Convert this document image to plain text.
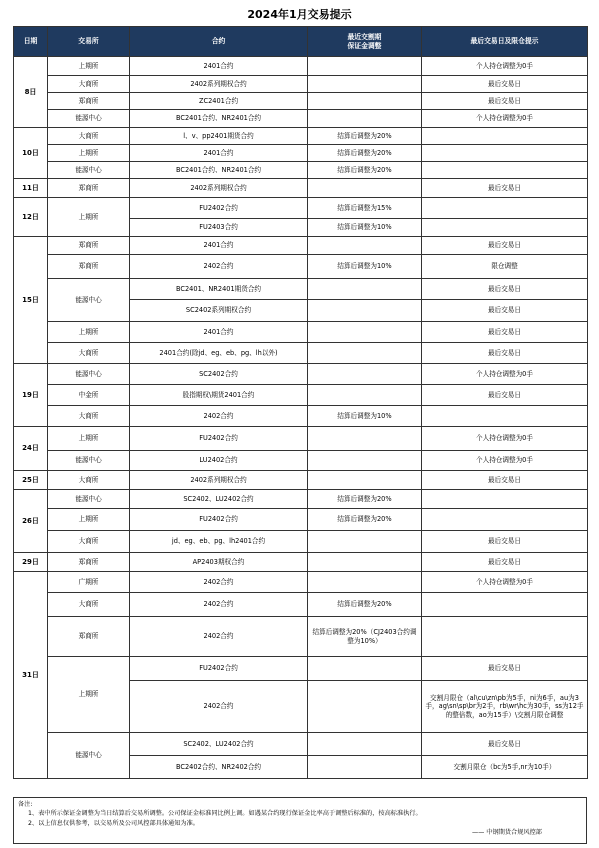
2024年1月交易提示
日期	交易所	合约	最近交割期
保证金调整	最后交易日及限仓提示
8日	上期所	2401合约		个人持仓调整为0手
	大商所	2402系列期权合约		最后交易日
	郑商所	ZC2401合约		最后交易日
	能源中心	BC2401合约、NR2401合约		个人持仓调整为0手
10日	大商所	l、v、pp2401期货合约	结算后调整为20%	
	上期所	2401合约	结算后调整为20%	
	能源中心	BC2401合约、NR2401合约	结算后调整为20%	
11日	郑商所	2402系列期权合约		最后交易日
12日	上期所	FU2402合约	结算后调整为15%	
		FU2403合约	结算后调整为10%	
15日	郑商所	2401合约		最后交易日
	郑商所	2402合约	结算后调整为10%	限仓调整
	能源中心	BC2401、NR2401期货合约		最后交易日
		SC2402系列期权合约		最后交易日
	上期所	2401合约		最后交易日
	大商所	2401合约(除jd、eg、eb、pg、lh以外)		最后交易日
19日	能源中心	SC2402合约		个人持仓调整为0手
	中金所	股指期权\期货2401合约		最后交易日
	大商所	2402合约	结算后调整为10%	
24日	上期所	FU2402合约		个人持仓调整为0手
	能源中心	LU2402合约		个人持仓调整为0手
25日	大商所	2402系列期权合约		最后交易日
26日	能源中心	SC2402、LU2402合约	结算后调整为20%	
	上期所	FU2402合约	结算后调整为20%	
	大商所	jd、eg、eb、pg、lh2401合约		最后交易日
29日	郑商所	AP2403期权合约		最后交易日
31日	广期所	2402合约		个人持仓调整为0手
	大商所	2402合约	结算后调整为20%	
	郑商所	2402合约	结算后调整为20%（CJ2403合约调整为10%）	
	上期所	FU2402合约		最后交易日
		2402合约		交割月限仓（al\cu\zn\pb为5手，ni为6手，au为3手，ag\sn\sp\br为2手，rb\wr\hc为30手，ss为12手的整倍数，ao为15手）\交割月限仓调整
	能源中心	SC2402、LU2402合约		最后交易日
		BC2402合约、NR2402合约		交割月限仓（bc为5手,nr为10手）
备注:
1、表中所示保证金调整为当日结算后交易所调整。公司保证金标准同比例上调。如遇某合约现行保证金比率高于调整后标准的，按高标准执行。
2、以上信息仅供参考，以交易所及公司风控部具体通知为准。
—— 中钢期货合规风控部
